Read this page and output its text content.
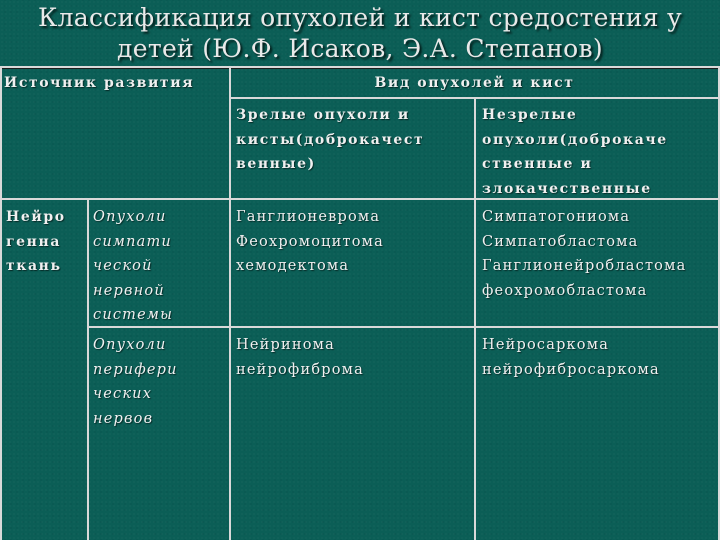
Классификация опухолей и кист средостения у
детей (Ю.Ф. Исаков, Э.А. Степанов)
Источник развития	Вид опухолей и кист
Зрелые опухоли и
кисты(доброкачест
венные)
Незрелые
опухоли(доброкаче
ственные и
злокачественные
Нейро
генна
ткань
Опухоли
симпати
ческой
нервной
системы
Ганглионеврома
Феохромоцитома
хемодектома
Симпатогониома
Симпатобластома
Ганглионейробластома
феохромобластома
Опухоли
перифери
ческих
нервов
Нейринома
нейрофиброма
Нейросаркома
нейрофибросаркома
